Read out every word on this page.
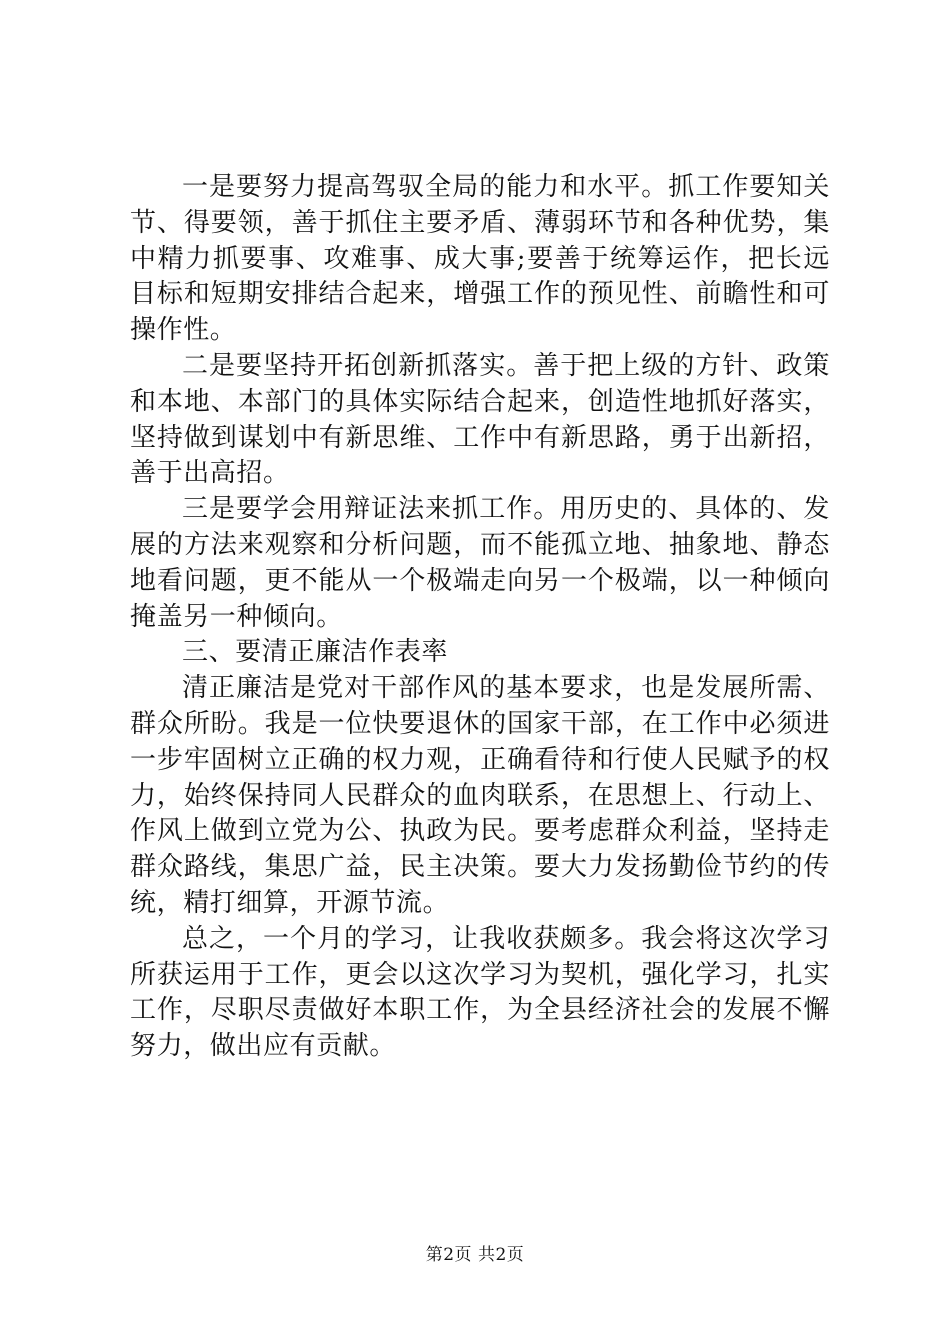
一是要努力提高驾驭全局的能力和水平。抓工作要知关节、得要领，善于抓住主要矛盾、薄弱环节和各种优势，集中精力抓要事、攻难事、成大事;要善于统筹运作，把长远目标和短期安排结合起来，增强工作的预见性、前瞻性和可操作性。

二是要坚持开拓创新抓落实。善于把上级的方针、政策和本地、本部门的具体实际结合起来，创造性地抓好落实，坚持做到谋划中有新思维、工作中有新思路，勇于出新招，善于出高招。

三是要学会用辩证法来抓工作。用历史的、具体的、发展的方法来观察和分析问题，而不能孤立地、抽象地、静态地看问题，更不能从一个极端走向另一个极端，以一种倾向掩盖另一种倾向。

三、要清正廉洁作表率

清正廉洁是党对干部作风的基本要求，也是发展所需、群众所盼。我是一位快要退休的国家干部，在工作中必须进一步牢固树立正确的权力观，正确看待和行使人民赋予的权力，始终保持同人民群众的血肉联系，在思想上、行动上、作风上做到立党为公、执政为民。要考虑群众利益，坚持走群众路线，集思广益，民主决策。要大力发扬勤俭节约的传统，精打细算，开源节流。

总之，一个月的学习，让我收获颇多。我会将这次学习所获运用于工作，更会以这次学习为契机，强化学习，扎实工作，尽职尽责做好本职工作，为全县经济社会的发展不懈努力，做出应有贡献。

第2页 共2页
